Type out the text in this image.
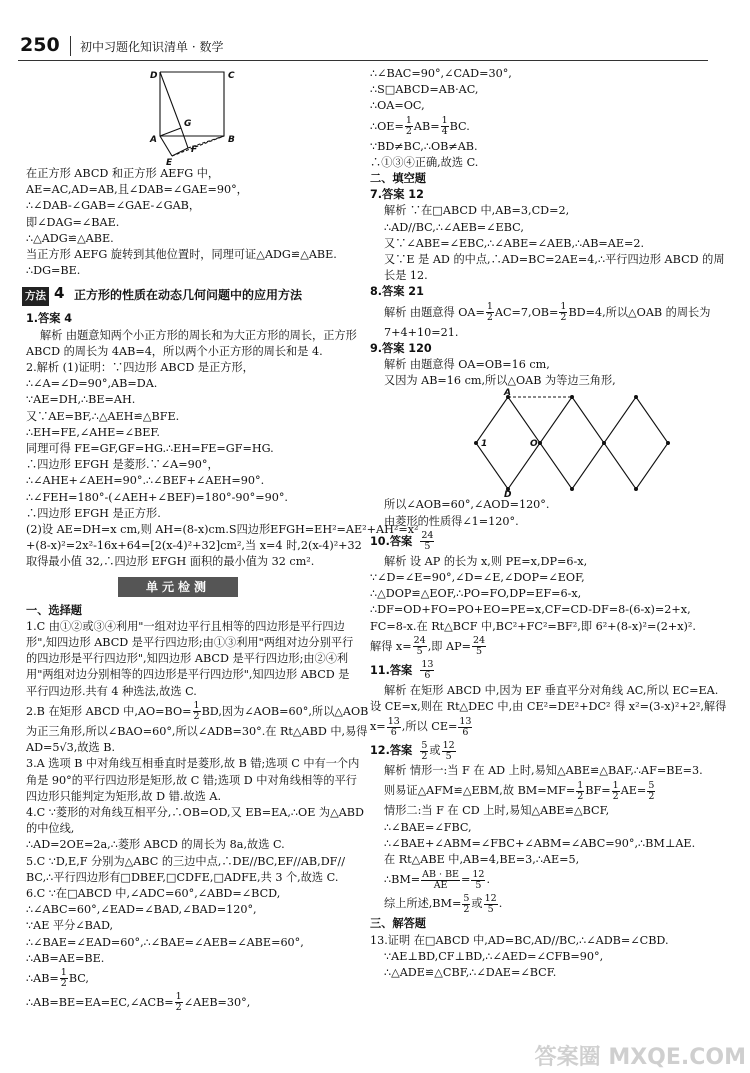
250 初中习题化知识清单 · 数学
D	C
G
A	B
F
E
在正方形 ABCD 和正方形 AEFG 中，
AE=AC,AD=AB,且∠DAB=∠GAE=90°，
∴∠DAB-∠GAB=∠GAE-∠GAB，
即∠DAG=∠BAE.
∴△ADG≌△ABE.
当正方形 AEFG 旋转到其他位置时，同理可证△ADG≌△ABE.
∴DG=BE.
方法 4 正方形的性质在动态几何问题中的应用方法
1.答案 4
解析 由题意知两个小正方形的周长和为大正方形的周长，正方形
ABCD 的周长为 4AB=4，所以两个小正方形的周长和是 4.
2.解析 (1)证明：∵四边形 ABCD 是正方形，
∴∠A=∠D=90°,AB=DA.
∵AE=DH,∴BE=AH.
又∵AE=BF,∴△AEH≌△BFE.
∴EH=FE,∠AHE=∠BEF.
同理可得 FE=GF,GF=HG.∴EH=FE=GF=HG.
∴四边形 EFGH 是菱形.∵∠A=90°，
∴∠AHE+∠AEH=90°.∴∠BEF+∠AEH=90°.
∴∠FEH=180°-(∠AEH+∠BEF)=180°-90°=90°.
∴四边形 EFGH 是正方形.
(2)设 AE=DH=x cm,则 AH=(8-x)cm.S四边形EFGH=EH²=AE²+AH²=x²
+(8-x)²=2x²-16x+64=[2(x-4)²+32]cm²,当 x=4 时,2(x-4)²+32
取得最小值 32,∴四边形 EFGH 面积的最小值为 32 cm².
单元检测
一、选择题
1.C 由①②或③④利用"一组对边平行且相等的四边形是平行四边
形",知四边形 ABCD 是平行四边形;由①③利用"两组对边分别平行
的四边形是平行四边形",知四边形 ABCD 是平行四边形;由②④利
用"两组对边分别相等的四边形是平行四边形",知四边形 ABCD 是
平行四边形.共有 4 种选法,故选 C.
2.B 在矩形 ABCD 中$,AO=BO= \frac{1}{2}$ BD,因为∠AOB=60°,所以△AOB
为正三角形,所以∠BAO=60°,所以∠ADB=30°.在 Rt△ABD 中,易得
AD=5√3,故选 B.
3.A 选项 B 中对角线互相垂直时是菱形,故 B 错;选项 C 中有一个内
角是 90°的平行四边形是矩形,故 C 错;选项 D 中对角线相等的平行
四边形只能判定为矩形,故 D 错.故选 A.
4.C ∵菱形的对角线互相平分,∴OB=OD,又 EB=EA,∴OE 为△ABD
的中位线,
∴AD=2OE=2a,∴菱形 ABCD 的周长为 8a,故选 C.
5.C ∵D,E,F 分别为△ABC 的三边中点,∴DE//BC,EF//AB,DF//
BC,∴平行四边形有□DBEF,□CDFE,□ADFE,共 3 个,故选 C.
6.C ∵在□ABCD 中,∠ADC=60°,∠ABD=∠BCD,
∴∠ABC=60°,∠EAD=∠BAD,∠BAD=120°,
∵AE 平分∠BAD,
∴∠BAE=∠EAD=60°,∴∠BAE=∠AEB=∠ABE=60°,
∴AB=AE=BE.
∴AB= $\frac{1}{2}$ BC,
∴AB=BE=EA=EC,∠ACB= $\frac{1}{2}$ ∠AEB=30°,
∴∠BAC=90°,∠CAD=30°,
∴S□ABCD=AB·AC,
∴OA=OC,
∴OE= $\frac{1}{2} AB= \frac{1}{4}$ BC.
∵BD≠BC,∴OB≠AB.
∴①③④正确,故选 C.
二、填空题
7.答案 12
解析 ∵在□ABCD 中,AB=3,CD=2,
∴AD//BC,∴∠AEB=∠EBC,
又∵∠ABE=∠EBC,∴∠ABE=∠AEB,∴AB=AE=2.
又∵E 是 AD 的中点,∴AD=BC=2AE=4,∴平行四边形 ABCD 的周
长是 12.
8.答案 21
解析 由题意得 $OA= \frac{1}{2} AC=7,OB= \frac{1}{2} BD=4$,所以△OAB 的周长为
7+4+10=21.
9.答案 120
解析 由题意得 OA=OB=16 cm,
又因为 AB=16 cm,所以△OAB 为等边三角形,
A
1	O
D
所以∠AOB=60°,∠AOD=120°.
由菱形的性质得∠1=120°.
10.答案 $\frac{24}{5}$
解析 设 AP 的长为 x,则 PE=x,DP=6-x,
∵∠D=∠E=90°,∠D=∠E,∠DOP=∠EOF,
∴△DOP≌△EOF,∴PO=FO,DP=EF=6-x,
∴DF=OD+FO=PO+EO=PE=x,CF=CD-DF=8-(6-x)=2+x,
FC=8-x.在 Rt△BCF 中,BC²+FC²=BF²,即 6²+(8-x)²=(2+x)².
解得 $x= \frac{24}{5}$ ,即 $AP= \frac{24}{5}$
11.答案 $\frac{13}{6}$
解析 在矩形 ABCD 中,因为 EF 垂直平分对角线 AC,所以 EC=EA.
设 CE=x,则在 Rt△DEC 中,由 CE²=DE²+DC² 得 x²=(3-x)²+2²,解得
$x= \frac{13}{6}$ ,所以 $CE= \frac{13}{6}$
12.答案 $\frac{5}{2}$ 或 $\frac{12}{5}$
解析 情形一:当 F 在 AD 上时,易知△ABE≌△BAF,∴AF=BE=3.
则易证△AFM≌△EBM,故 $BM=MF= \frac{1}{2} BF= \frac{1}{2} AE= \frac{5}{2}$
情形二:当 F 在 CD 上时,易知△ABE≌△BCF,
∴∠BAE=∠FBC,
∴∠BAE+∠ABM=∠FBC+∠ABM=∠ABC=90°,∴BM⊥AE.
在 Rt△ABE 中,AB=4,BE=3,∴AE=5,
∴BM= $\frac{AB \cdot BE}{AE} = \frac{12}{5}$ .
综上所述$,BM= \frac{5}{2}$ 或 $\frac{12}{5}$ .
三、解答题
13.证明 在□ABCD 中,AD=BC,AD//BC,∴∠ADB=∠CBD.
∵AE⊥BD,CF⊥BD,∴∠AED=∠CFB=90°,
∴△ADE≌△CBF,∴∠DAE=∠BCF.
答案圈 MXQE.COM
